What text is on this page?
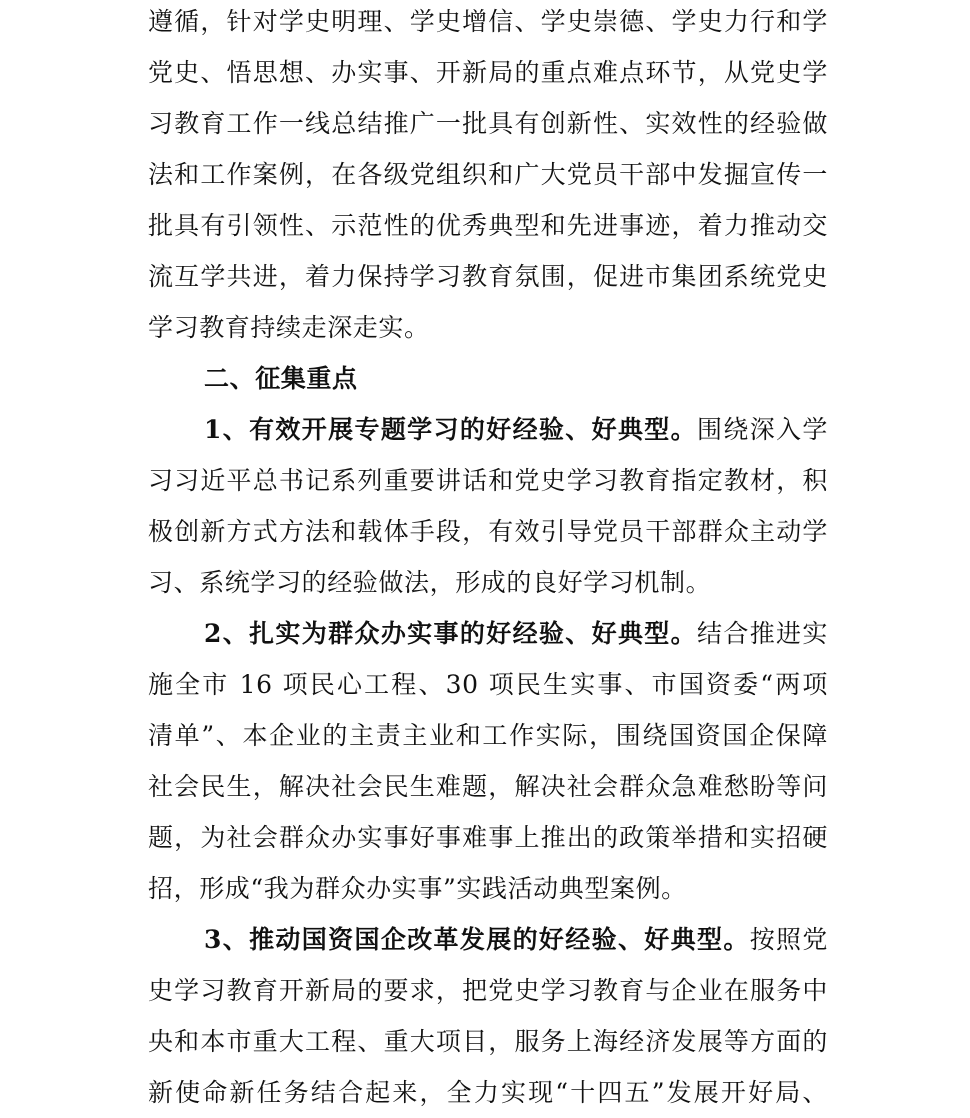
遵循，针对学史明理、学史增信、学史崇德、学史力行和学
党史、悟思想、办实事、开新局的重点难点环节，从党史学
习教育工作一线总结推广一批具有创新性、实效性的经验做
法和工作案例，在各级党组织和广大党员干部中发掘宣传一
批具有引领性、示范性的优秀典型和先进事迹，着力推动交
流互学共进，着力保持学习教育氛围，促进市集团系统党史
学习教育持续走深走实。
二、征集重点
1、有效开展专题学习的好经验、好典型。围绕深入学
习习近平总书记系列重要讲话和党史学习教育指定教材，积
极创新方式方法和载体手段，有效引导党员干部群众主动学
习、系统学习的经验做法，形成的良好学习机制。
2、扎实为群众办实事的好经验、好典型。结合推进实
施全市 16 项民心工程、30 项民生实事、市国资委“两项
清单”、本企业的主责主业和工作实际，围绕国资国企保障
社会民生，解决社会民生难题，解决社会群众急难愁盼等问
题，为社会群众办实事好事难事上推出的政策举措和实招硬
招，形成“我为群众办实事”实践活动典型案例。
3、推动国资国企改革发展的好经验、好典型。按照党
史学习教育开新局的要求，把党史学习教育与企业在服务中
央和本市重大工程、重大项目，服务上海经济发展等方面的
新使命新任务结合起来，全力实现“十四五”发展开好局、
